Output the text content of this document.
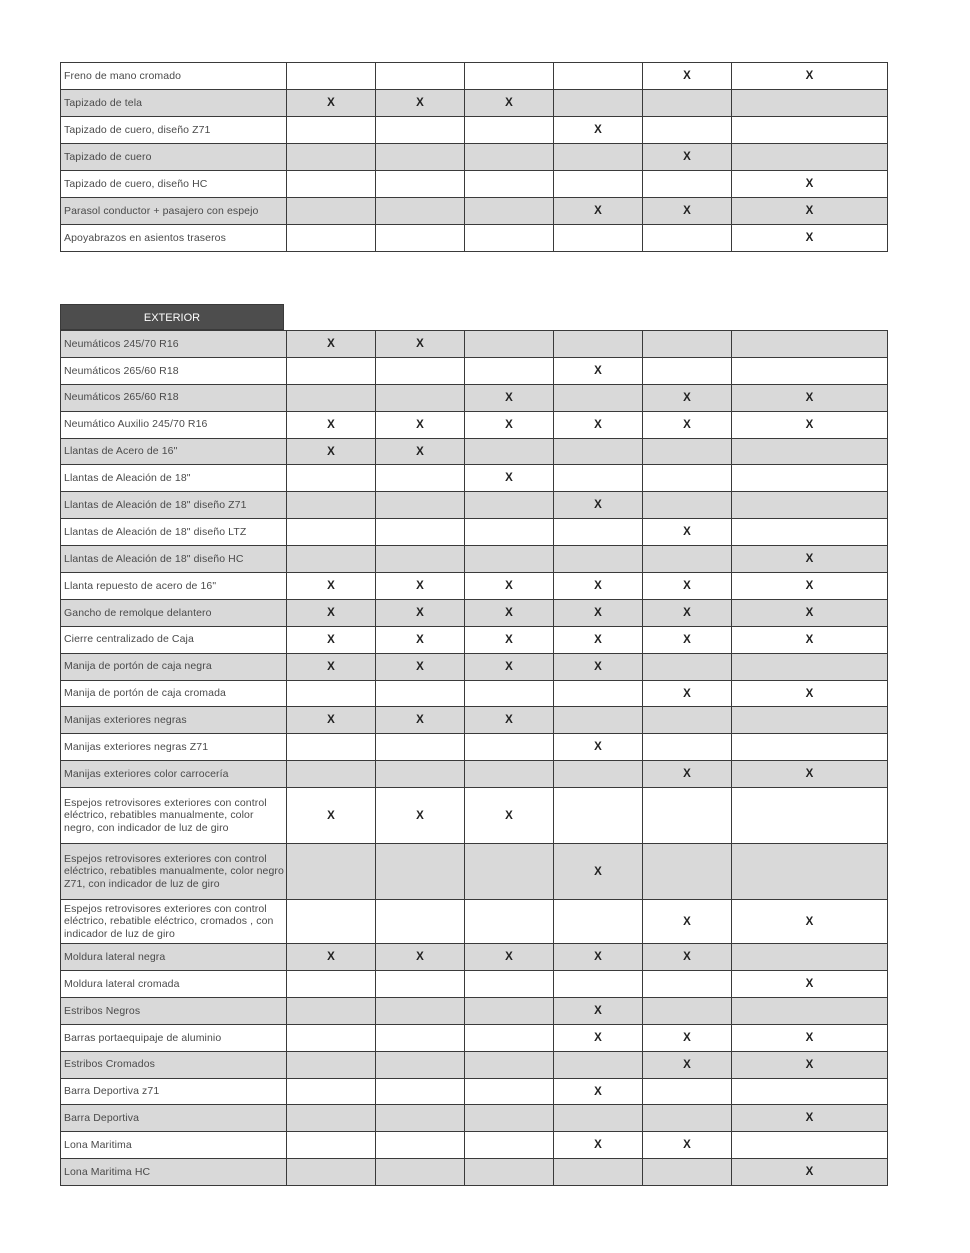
Freno de mano cromado					X	X
Tapizado de tela	X	X	X			
Tapizado de cuero, diseño Z71				X		
Tapizado de cuero					X	
Tapizado de cuero, diseño HC						X
Parasol conductor + pasajero con espejo				X	X	X
Apoyabrazos en asientos traseros						X
EXTERIOR
Neumáticos 245/70 R16	X	X				
Neumáticos 265/60 R18				X		
Neumáticos 265/60 R18			X		X	X
Neumático Auxilio 245/70 R16	X	X	X	X	X	X
Llantas de Acero de 16"	X	X				
Llantas de Aleación de 18"			X			
Llantas de Aleación de 18" diseño Z71				X		
Llantas de Aleación de 18" diseño LTZ					X	
Llantas de Aleación de 18" diseño HC						X
Llanta repuesto de acero de 16"	X	X	X	X	X	X
Gancho de remolque delantero	X	X	X	X	X	X
Cierre centralizado de Caja	X	X	X	X	X	X
Manija de portón de caja negra	X	X	X	X		
Manija de portón de caja cromada					X	X
Manijas exteriores negras	X	X	X			
Manijas exteriores negras Z71				X		
Manijas exteriores color carrocería					X	X
Espejos retrovisores exteriores con control eléctrico, rebatibles manualmente, color negro, con indicador de luz de giro	X	X	X			
Espejos retrovisores exteriores con control eléctrico, rebatibles manualmente, color negro Z71, con indicador de luz de giro				X		
Espejos retrovisores exteriores con control eléctrico, rebatible eléctrico, cromados , con indicador de luz de giro					X	X
Moldura lateral negra	X	X	X	X	X	
Moldura lateral cromada						X
Estribos Negros				X		
Barras portaequipaje de aluminio				X	X	X
Estribos Cromados					X	X
Barra Deportiva z71				X		
Barra Deportiva						X
Lona Maritima				X	X	
Lona Maritima HC						X
